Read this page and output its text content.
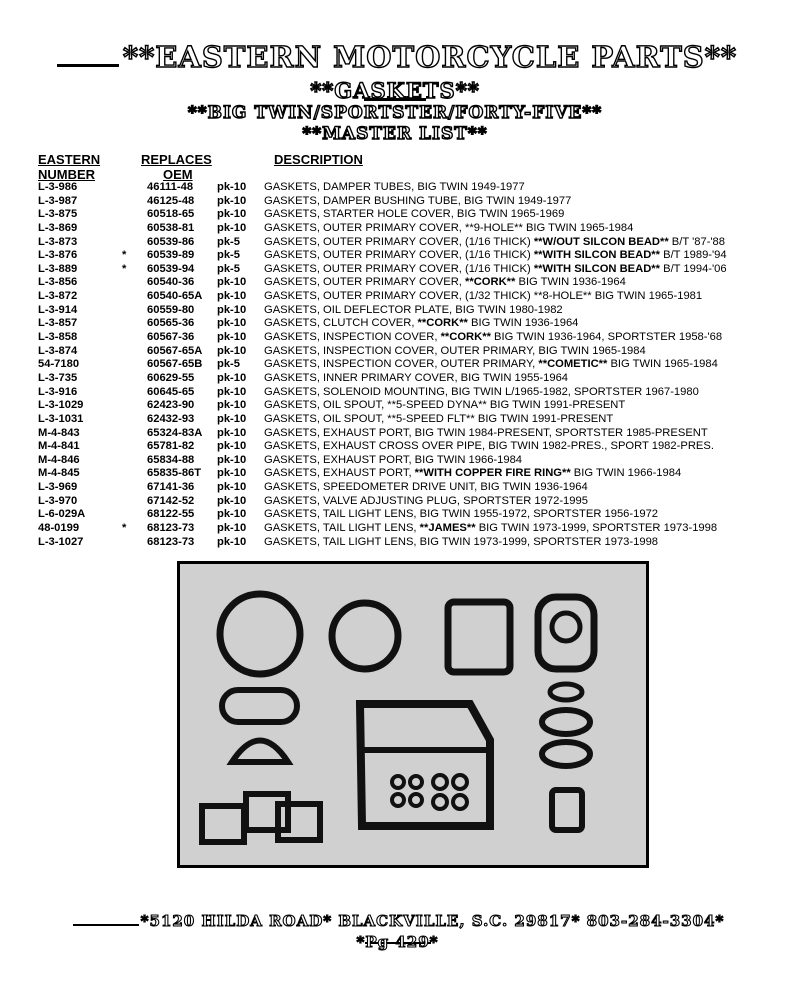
**EASTERN MOTORCYCLE PARTS**
**GASKETS**
**BIG TWIN/SPORTSTER/FORTY-FIVE**
**MASTER LIST**
EASTERN
NUMBER
REPLACES
OEM
DESCRIPTION
L-3-986	46111-48 pk-10 GASKETS, DAMPER TUBES, BIG TWIN 1949-1977
L-3-987	46125-48 pk-10 GASKETS, DAMPER BUSHING TUBE, BIG TWIN 1949-1977
L-3-875	60518-65 pk-10 GASKETS, STARTER HOLE COVER, BIG TWIN 1965-1969
L-3-869	60538-81 pk-10 GASKETS, OUTER PRIMARY COVER, **9-HOLE** BIG TWIN 1965-1984
L-3-873	60539-86 pk-5 GASKETS, OUTER PRIMARY COVER, (1/16 THICK) **W/OUT SILCON BEAD** B/T '87-'88
L-3-876	* 60539-89 pk-5 GASKETS, OUTER PRIMARY COVER, (1/16 THICK) **WITH SILCON BEAD** B/T 1989-'94
L-3-889	* 60539-94 pk-5 GASKETS, OUTER PRIMARY COVER, (1/16 THICK) **WITH SILCON BEAD** B/T 1994-'06
L-3-856	60540-36 pk-10 GASKETS, OUTER PRIMARY COVER, **CORK** BIG TWIN 1936-1964
L-3-872	60540-65A pk-10 GASKETS, OUTER PRIMARY COVER, (1/32 THICK) **8-HOLE** BIG TWIN 1965-1981
L-3-914	60559-80 pk-10 GASKETS, OIL DEFLECTOR PLATE, BIG TWIN 1980-1982
L-3-857	60565-36 pk-10 GASKETS, CLUTCH COVER, **CORK** BIG TWIN 1936-1964
L-3-858	60567-36 pk-10 GASKETS, INSPECTION COVER, **CORK** BIG TWIN 1936-1964, SPORTSTER 1958-'68
L-3-874	60567-65A pk-10 GASKETS, INSPECTION COVER, OUTER PRIMARY, BIG TWIN 1965-1984
54-7180	60567-65B pk-5 GASKETS, INSPECTION COVER, OUTER PRIMARY, **COMETIC** BIG TWIN 1965-1984
L-3-735	60629-55 pk-10 GASKETS, INNER PRIMARY COVER, BIG TWIN 1955-1964
L-3-916	60645-65 pk-10 GASKETS, SOLENOID MOUNTING, BIG TWIN L/1965-1982, SPORTSTER 1967-1980
L-3-1029	62423-90 pk-10 GASKETS, OIL SPOUT, **5-SPEED DYNA** BIG TWIN 1991-PRESENT
L-3-1031	62432-93 pk-10 GASKETS, OIL SPOUT, **5-SPEED FLT** BIG TWIN 1991-PRESENT
M-4-843	65324-83A pk-10 GASKETS, EXHAUST PORT, BIG TWIN 1984-PRESENT, SPORTSTER 1985-PRESENT
M-4-841	65781-82 pk-10 GASKETS, EXHAUST CROSS OVER PIPE, BIG TWIN 1982-PRES., SPORT 1982-PRES.
M-4-846	65834-88 pk-10 GASKETS, EXHAUST PORT, BIG TWIN 1966-1984
M-4-845	65835-86T pk-10 GASKETS, EXHAUST PORT, **WITH COPPER FIRE RING** BIG TWIN 1966-1984
L-3-969	67141-36 pk-10 GASKETS, SPEEDOMETER DRIVE UNIT, BIG TWIN 1936-1964
L-3-970	67142-52 pk-10 GASKETS, VALVE ADJUSTING PLUG, SPORTSTER 1972-1995
L-6-029A	68122-55 pk-10 GASKETS, TAIL LIGHT LENS, BIG TWIN 1955-1972, SPORTSTER 1956-1972
48-0199	* 68123-73 pk-10 GASKETS, TAIL LIGHT LENS, **JAMES** BIG TWIN 1973-1999, SPORTSTER 1973-1998
L-3-1027	68123-73 pk-10 GASKETS, TAIL LIGHT LENS, BIG TWIN 1973-1999, SPORTSTER 1973-1998
*5120 HILDA ROAD* BLACKVILLE, S.C. 29817* 803-284-3304*
*Pg 429*
